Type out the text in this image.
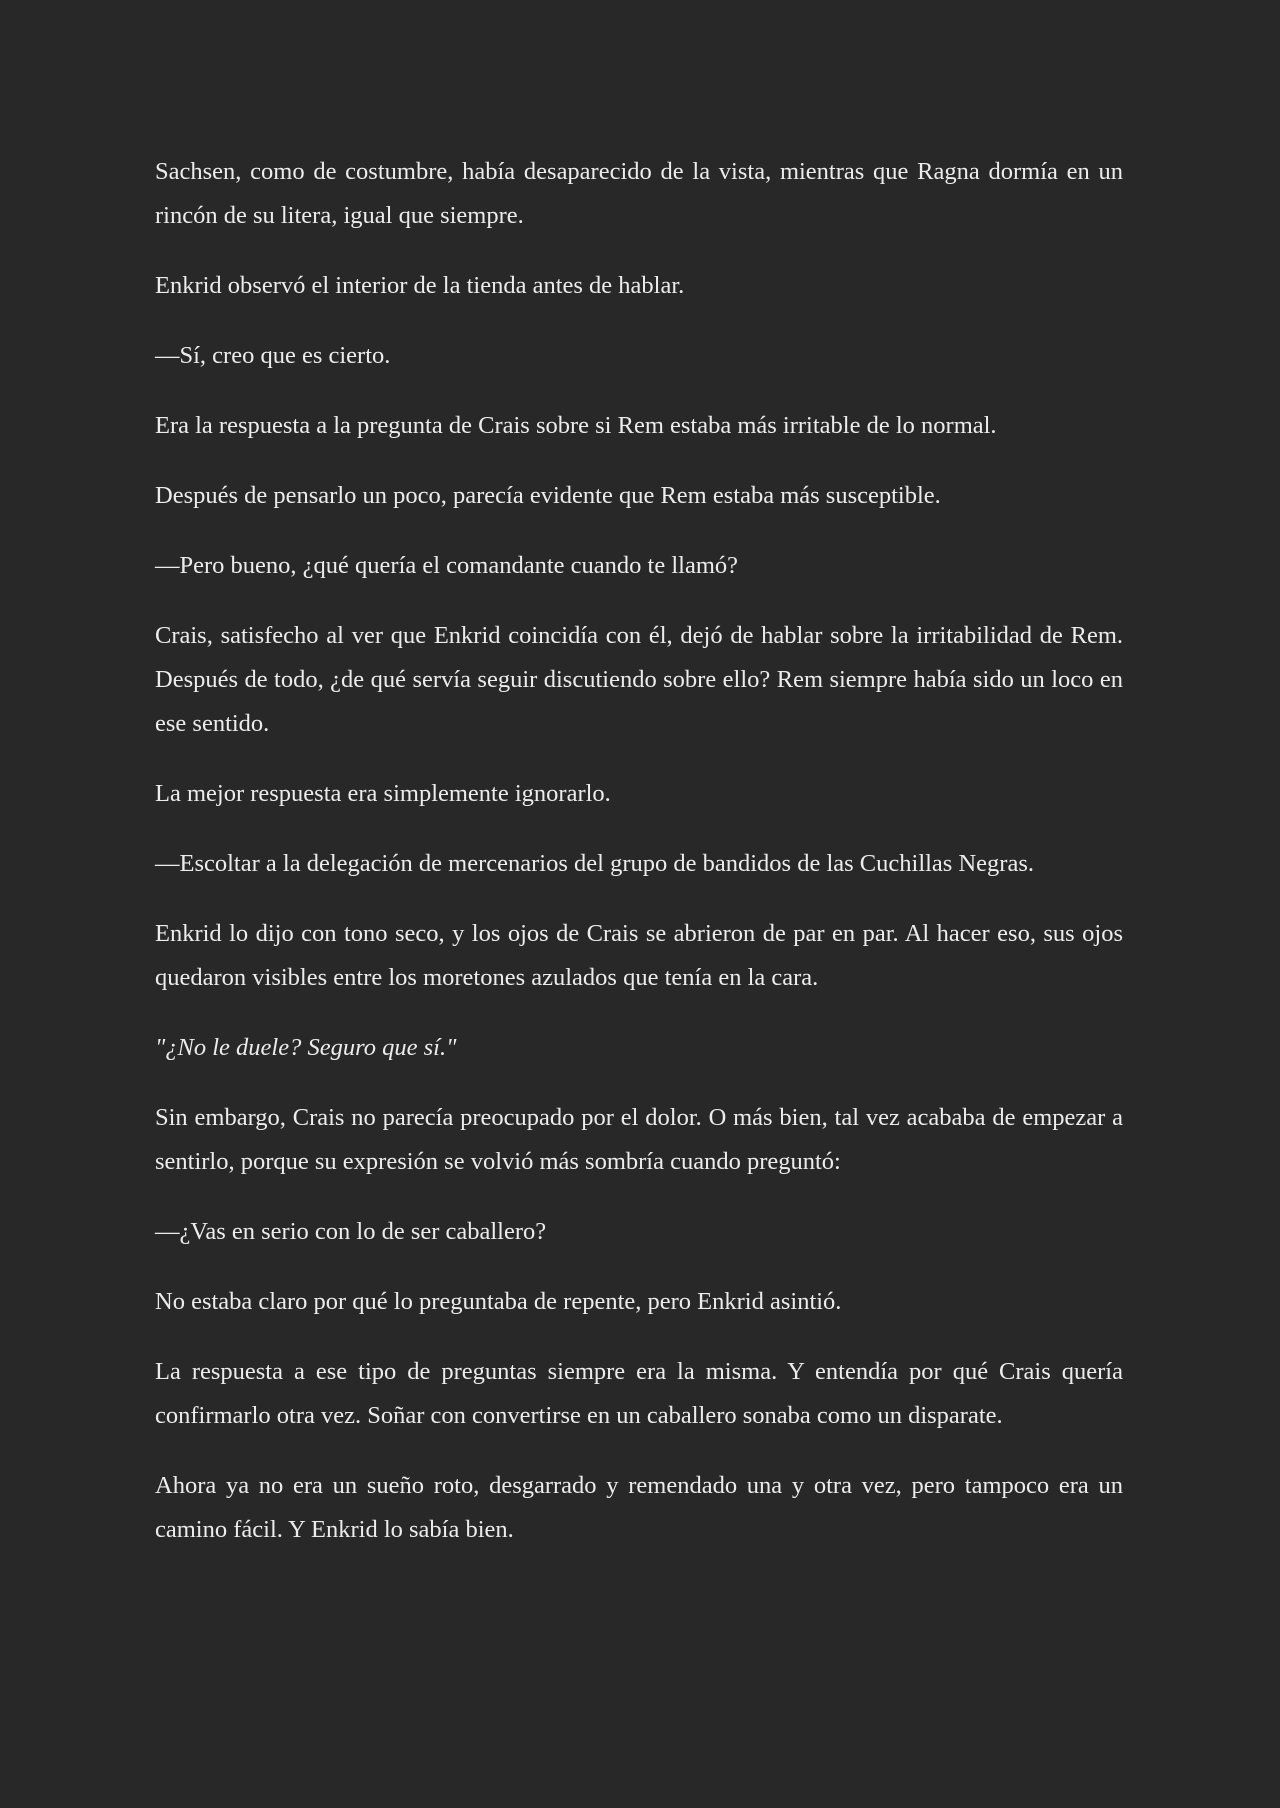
Sachsen, como de costumbre, había desaparecido de la vista, mientras que Ragna dormía en un rincón de su litera, igual que siempre.

Enkrid observó el interior de la tienda antes de hablar.

—Sí, creo que es cierto.

Era la respuesta a la pregunta de Crais sobre si Rem estaba más irritable de lo normal.

Después de pensarlo un poco, parecía evidente que Rem estaba más susceptible.

—Pero bueno, ¿qué quería el comandante cuando te llamó?

Crais, satisfecho al ver que Enkrid coincidía con él, dejó de hablar sobre la irritabilidad de Rem. Después de todo, ¿de qué servía seguir discutiendo sobre ello? Rem siempre había sido un loco en ese sentido.

La mejor respuesta era simplemente ignorarlo.

—Escoltar a la delegación de mercenarios del grupo de bandidos de las Cuchillas Negras.

Enkrid lo dijo con tono seco, y los ojos de Crais se abrieron de par en par. Al hacer eso, sus ojos quedaron visibles entre los moretones azulados que tenía en la cara.

"¿No le duele? Seguro que sí."

Sin embargo, Crais no parecía preocupado por el dolor. O más bien, tal vez acababa de empezar a sentirlo, porque su expresión se volvió más sombría cuando preguntó:

—¿Vas en serio con lo de ser caballero?

No estaba claro por qué lo preguntaba de repente, pero Enkrid asintió.

La respuesta a ese tipo de preguntas siempre era la misma. Y entendía por qué Crais quería confirmarlo otra vez. Soñar con convertirse en un caballero sonaba como un disparate.

Ahora ya no era un sueño roto, desgarrado y remendado una y otra vez, pero tampoco era un camino fácil. Y Enkrid lo sabía bien.
